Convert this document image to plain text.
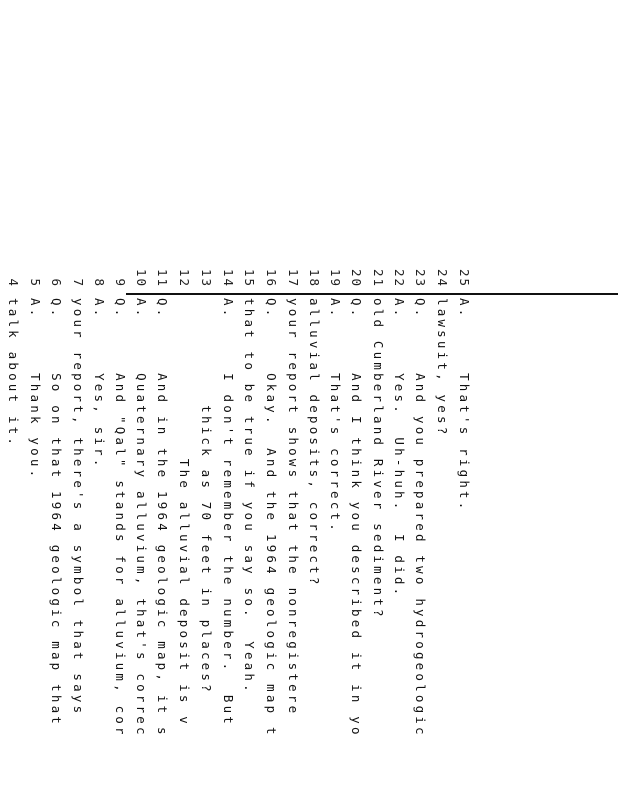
4
talk about it.
5
A.     Thank you.
6
Q.     So on that 1964 geologic map that
7
your report, there's a symbol that says
8
A.     Yes, sir.
9
Q.     And "Qal" stands for alluvium, cor
10
A.     Quaternary alluvium, that's correc
11
Q.     And in the 1964 geologic map, it s
12
The alluvial deposit is v
13
thick as 70 feet in places?
14
A.     I don't remember the number.  But
15
that to be true if you say so.  Yeah.
16
Q.     Okay.  And the 1964 geologic map t
17
your report shows that the nonregistere
18
alluvial deposits, correct?
19
A.     That's correct.
20
Q.     And I think you described it in yo
21
old Cumberland River sediment?
22
A.     Yes.  Uh-huh.  I did.
23
Q.     And you prepared two hydrogeologic
24
lawsuit, yes?
25
A.     That's right.
